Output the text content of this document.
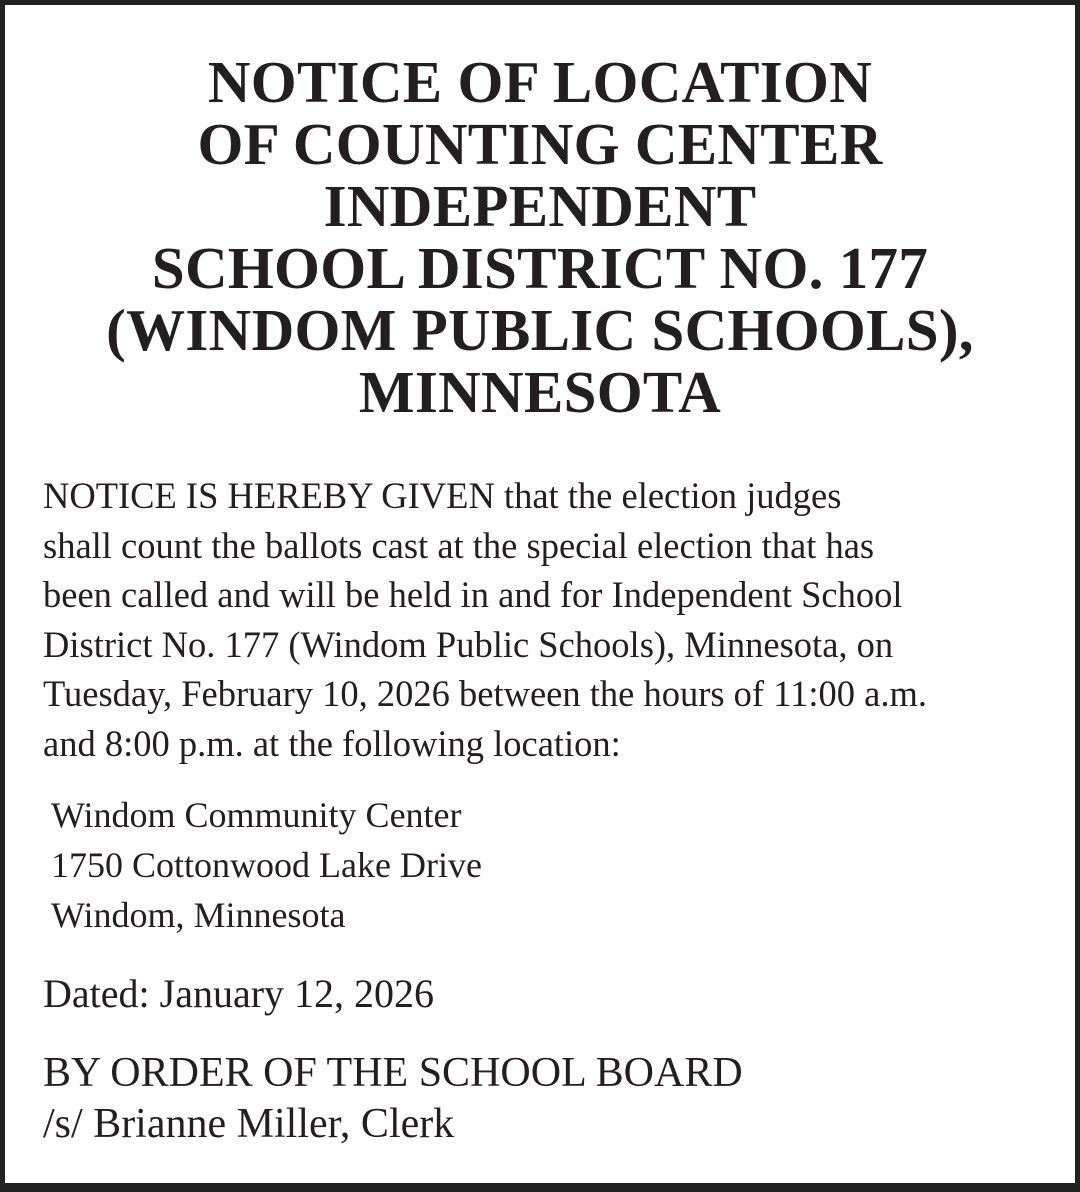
NOTICE OF LOCATION
OF COUNTING CENTER
INDEPENDENT
SCHOOL DISTRICT NO. 177
(WINDOM PUBLIC SCHOOLS),
MINNESOTA

NOTICE IS HEREBY GIVEN that the election judges
shall count the ballots cast at the special election that has
been called and will be held in and for Independent School
District No. 177 (Windom Public Schools), Minnesota, on
Tuesday, February 10, 2026 between the hours of 11:00 a.m.
and 8:00 p.m. at the following location:

Windom Community Center
1750 Cottonwood Lake Drive
Windom, Minnesota
Dated: January 12, 2026
BY ORDER OF THE SCHOOL BOARD
/s/ Brianne Miller, Clerk
